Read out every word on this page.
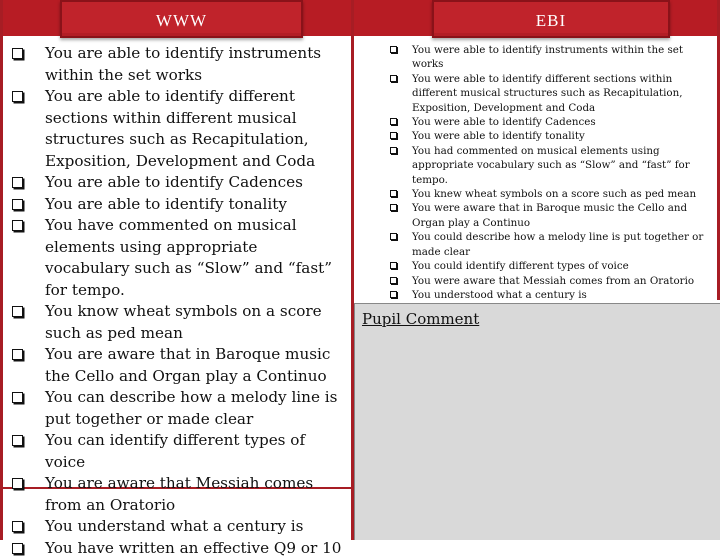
WWW	EBI
You are able to identify instruments within the set works
You are able to identify different sections within different musical structures such as Recapitulation, Exposition, Development and Coda
You are able to identify Cadences
You are able to identify tonality
You have commented on musical elements using appropriate vocabulary such as “Slow” and “fast” for tempo.
You know wheat symbols on a score such as ped mean
You are aware that in Baroque music the Cello and Organ play a Continuo
You can describe how a melody line is put together or made clear
You can identify different types of voice
You are aware that Messiah comes from an Oratorio
You understand what a century is
You have written an effective Q9 or 10
You were able to identify instruments within the set works
You were able to identify different sections within different musical structures such as Recapitulation, Exposition, Development and Coda
You were able to identify Cadences
You were able to identify tonality
You had commented on musical elements using appropriate vocabulary such as “Slow” and “fast” for tempo.
You knew wheat symbols on a score such as ped mean
You were aware that in Baroque music the Cello and Organ play a Continuo
You could describe how a melody line is put together or made clear
You could identify different types of voice
You were aware that Messiah comes from an Oratorio
You understood what a century is
Pupil Comment
